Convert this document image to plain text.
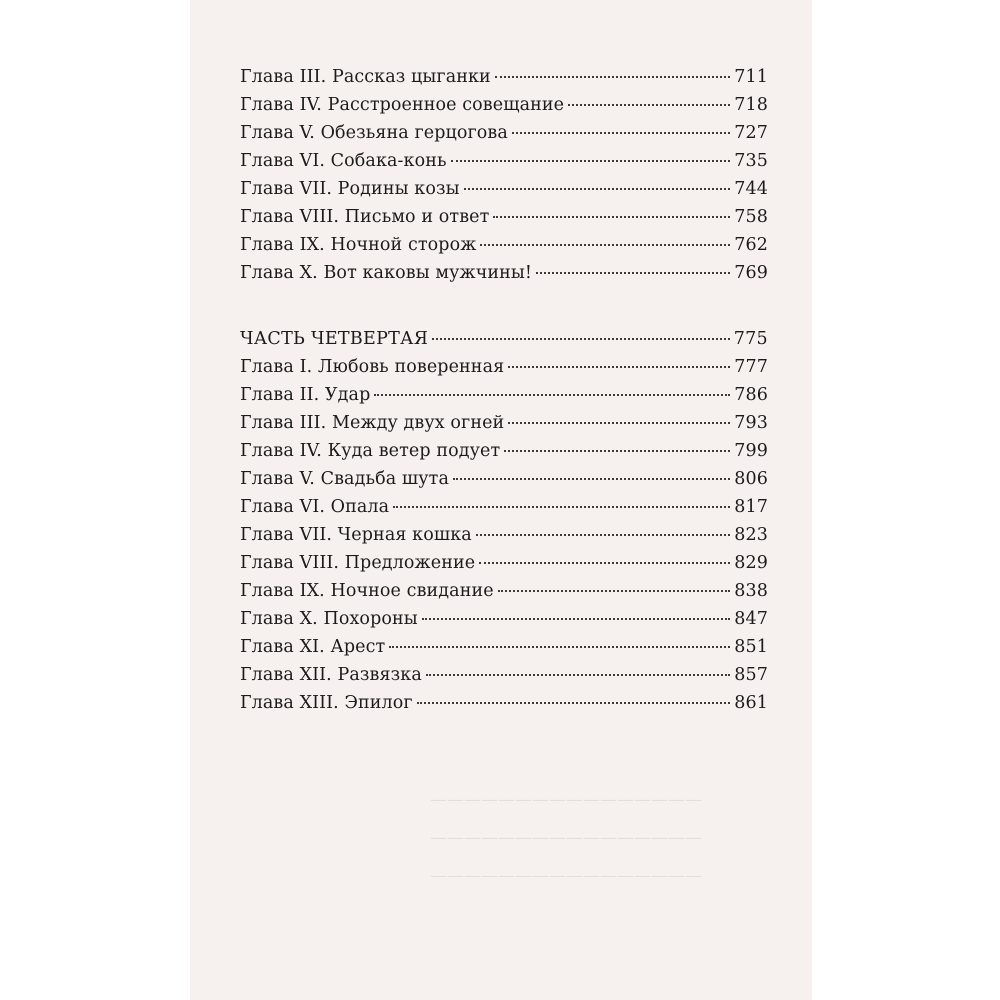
————————————————
————————————————
————————————————
Глава III. Рассказ цыганки	711
Глава IV. Расстроенное совещание	718
Глава V. Обезьяна герцогова	727
Глава VI. Собака-конь	735
Глава VII. Родины козы	744
Глава VIII. Письмо и ответ	758
Глава IX. Ночной сторож	762
Глава X. Вот каковы мужчины!	769
ЧАСТЬ ЧЕТВЕРТАЯ	775
Глава I. Любовь поверенная	777
Глава II. Удар	786
Глава III. Между двух огней	793
Глава IV. Куда ветер подует	799
Глава V. Свадьба шута	806
Глава VI. Опала	817
Глава VII. Черная кошка	823
Глава VIII. Предложение	829
Глава IX. Ночное свидание	838
Глава X. Похороны	847
Глава XI. Арест	851
Глава XII. Развязка	857
Глава XIII. Эпилог	861
